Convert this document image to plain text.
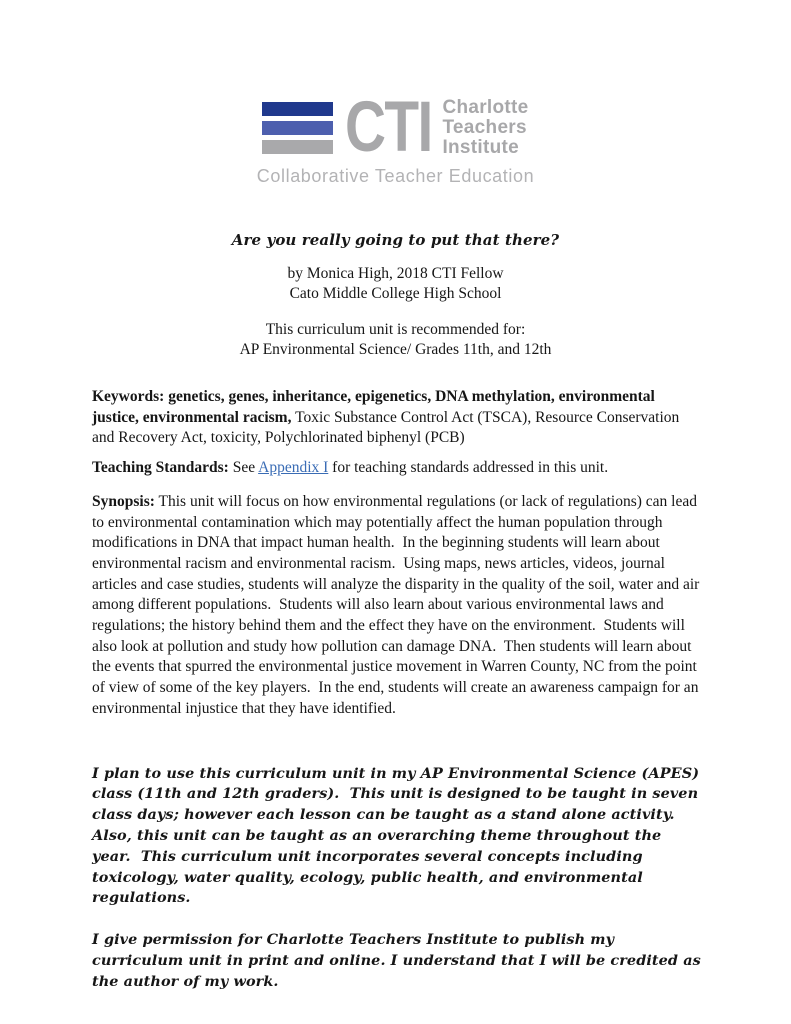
CTI Charlotte
Teachers
Institute
Collaborative Teacher Education
Are you really going to put that there?
by Monica High, 2018 CTI Fellow
Cato Middle College High School
This curriculum unit is recommended for:
AP Environmental Science/ Grades 11th, and 12th

Keywords: genetics, genes, inheritance, epigenetics, DNA methylation, environmental justice, environmental racism, Toxic Substance Control Act (TSCA), Resource Conservation and Recovery Act, toxicity, Polychlorinated biphenyl (PCB)

Teaching Standards: See Appendix I for teaching standards addressed in this unit.

Synopsis: This unit will focus on how environmental regulations (or lack of regulations) can lead to environmental contamination which may potentially affect the human population through modifications in DNA that impact human health.  In the beginning students will learn about environmental racism and environmental racism.  Using maps, news articles, videos, journal articles and case studies, students will analyze the disparity in the quality of the soil, water and air among different populations.  Students will also learn about various environmental laws and regulations; the history behind them and the effect they have on the environment.  Students will also look at pollution and study how pollution can damage DNA.  Then students will learn about the events that spurred the environmental justice movement in Warren County, NC from the point of view of some of the key players.  In the end, students will create an awareness campaign for an environmental injustice that they have identified.

I plan to use this curriculum unit in my AP Environmental Science (APES) class (11th and 12th graders).  This unit is designed to be taught in seven class days; however each lesson can be taught as a stand alone activity.  Also, this unit can be taught as an overarching theme throughout the year.  This curriculum unit incorporates several concepts including toxicology, water quality, ecology, public health, and environmental regulations.

I give permission for Charlotte Teachers Institute to publish my curriculum unit in print and online. I understand that I will be credited as the author of my work.
